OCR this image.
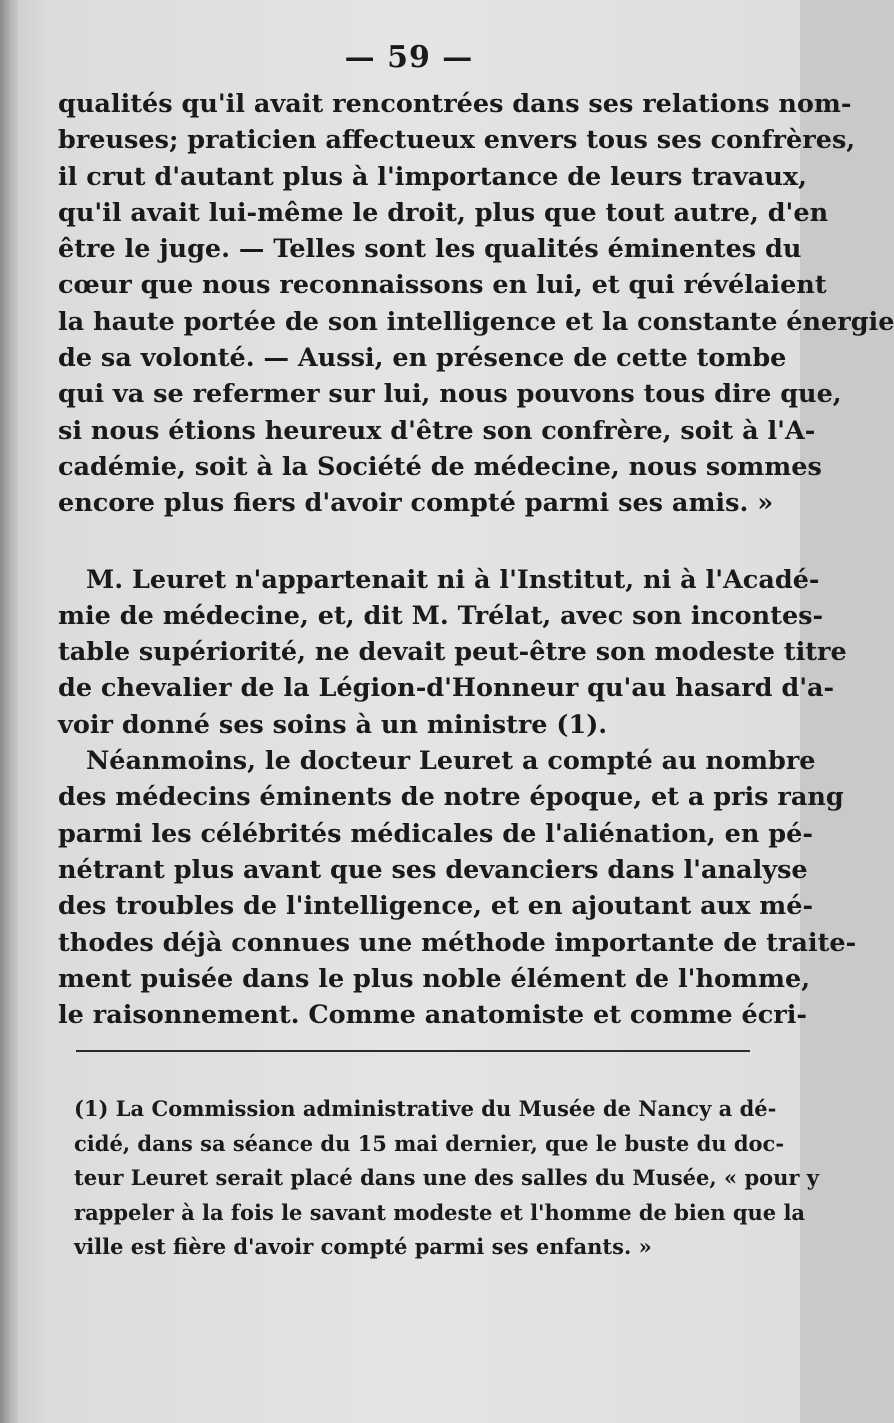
— 59 —
qualités qu'il avait rencontrées dans ses relations nom-
breuses; praticien affectueux envers tous ses confrères,
il crut d'autant plus à l'importance de leurs travaux,
qu'il avait lui-même le droit, plus que tout autre, d'en
être le juge. — Telles sont les qualités éminentes du
cœur que nous reconnaissons en lui, et qui révélaient
la haute portée de son intelligence et la constante énergie
de sa volonté. — Aussi, en présence de cette tombe
qui va se refermer sur lui, nous pouvons tous dire que,
si nous étions heureux d'être son confrère, soit à l'A-
cadémie, soit à la Société de médecine, nous sommes
encore plus fiers d'avoir compté parmi ses amis. »
M. Leuret n'appartenait ni à l'Institut, ni à l'Acadé-
mie de médecine, et, dit M. Trélat, avec son incontes-
table supériorité, ne devait peut-être son modeste titre
de chevalier de la Légion-d'Honneur qu'au hasard d'a-
voir donné ses soins à un ministre (1).
Néanmoins, le docteur Leuret a compté au nombre
des médecins éminents de notre époque, et a pris rang
parmi les célébrités médicales de l'aliénation, en pé-
nétrant plus avant que ses devanciers dans l'analyse
des troubles de l'intelligence, et en ajoutant aux mé-
thodes déjà connues une méthode importante de traite-
ment puisée dans le plus noble élément de l'homme,
le raisonnement. Comme anatomiste et comme écri-
(1) La Commission administrative du Musée de Nancy a dé-
cidé, dans sa séance du 15 mai dernier, que le buste du doc-
teur Leuret serait placé dans une des salles du Musée, « pour y
rappeler à la fois le savant modeste et l'homme de bien que la
ville est fière d'avoir compté parmi ses enfants. »
